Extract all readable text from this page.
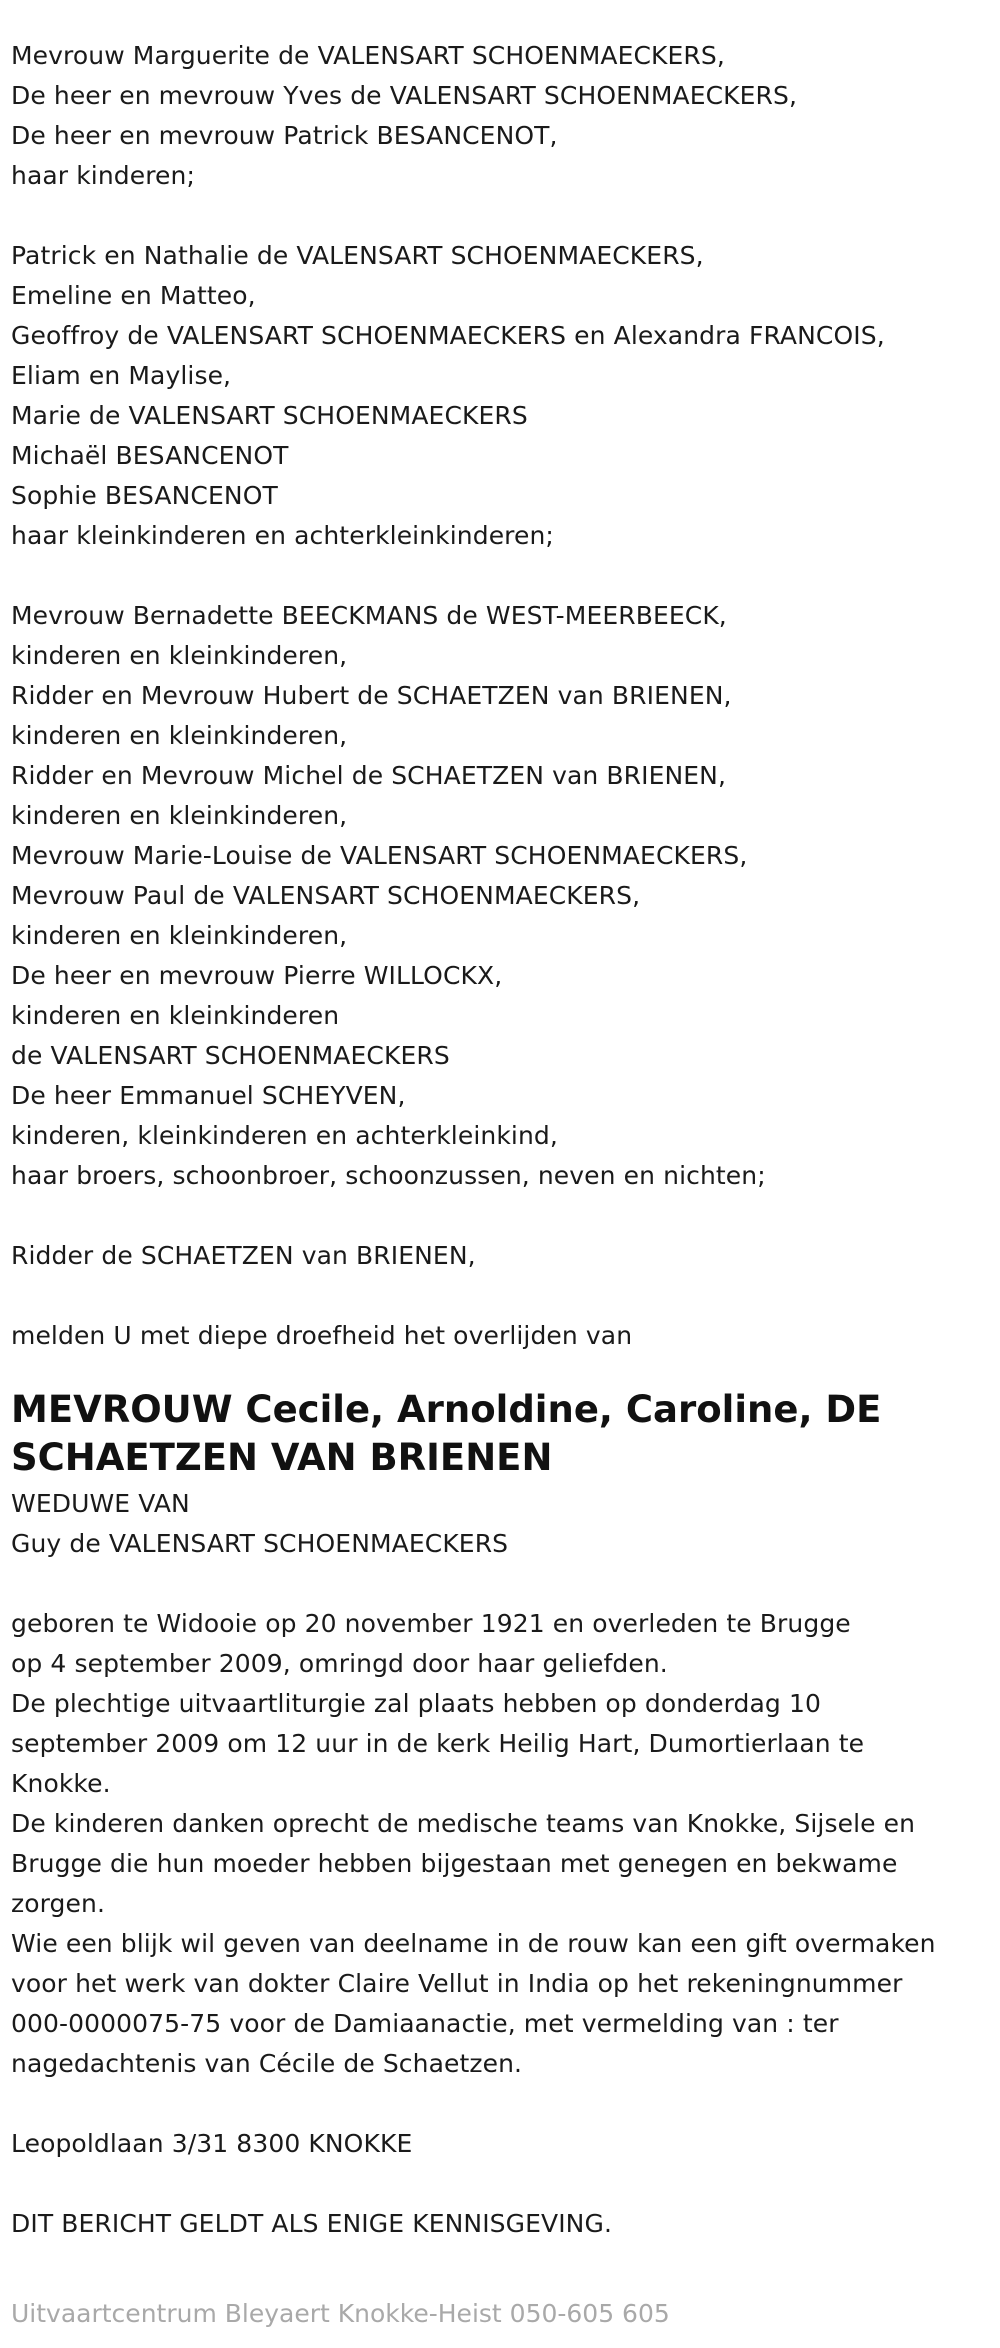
Mevrouw Marguerite de VALENSART SCHOENMAECKERS,
De heer en mevrouw Yves de VALENSART SCHOENMAECKERS,
De heer en mevrouw Patrick BESANCENOT,
haar kinderen;
Patrick en Nathalie de VALENSART SCHOENMAECKERS,
Emeline en Matteo,
Geoffroy de VALENSART SCHOENMAECKERS en Alexandra FRANCOIS,
Eliam en Maylise,
Marie de VALENSART SCHOENMAECKERS
Michaël BESANCENOT
Sophie BESANCENOT
haar kleinkinderen en achterkleinkinderen;
Mevrouw Bernadette BEECKMANS de WEST-MEERBEECK,
kinderen en kleinkinderen,
Ridder en Mevrouw Hubert de SCHAETZEN van BRIENEN,
kinderen en kleinkinderen,
Ridder en Mevrouw Michel de SCHAETZEN van BRIENEN,
kinderen en kleinkinderen,
Mevrouw Marie-Louise de VALENSART SCHOENMAECKERS,
Mevrouw Paul de VALENSART SCHOENMAECKERS,
kinderen en kleinkinderen,
De heer en mevrouw Pierre WILLOCKX,
kinderen en kleinkinderen
de VALENSART SCHOENMAECKERS
De heer Emmanuel SCHEYVEN,
kinderen, kleinkinderen en achterkleinkind,
haar broers, schoonbroer, schoonzussen, neven en nichten;
Ridder de SCHAETZEN van BRIENEN,
melden U met diepe droefheid het overlijden van
MEVROUW Cecile, Arnoldine, Caroline, DE
SCHAETZEN VAN BRIENEN
WEDUWE VAN
Guy de VALENSART SCHOENMAECKERS
geboren te Widooie op 20 november 1921 en overleden te Brugge
op 4 september 2009, omringd door haar geliefden.
De plechtige uitvaartliturgie zal plaats hebben op donderdag 10
september 2009 om 12 uur in de kerk Heilig Hart, Dumortierlaan te
Knokke.
De kinderen danken oprecht de medische teams van Knokke, Sijsele en
Brugge die hun moeder hebben bijgestaan met genegen en bekwame
zorgen.
Wie een blijk wil geven van deelname in de rouw kan een gift overmaken
voor het werk van dokter Claire Vellut in India op het rekeningnummer
000-0000075-75 voor de Damiaanactie, met vermelding van : ter
nagedachtenis van Cécile de Schaetzen.
Leopoldlaan 3/31 8300 KNOKKE
DIT BERICHT GELDT ALS ENIGE KENNISGEVING.
Uitvaartcentrum Bleyaert Knokke-Heist 050-605 605
